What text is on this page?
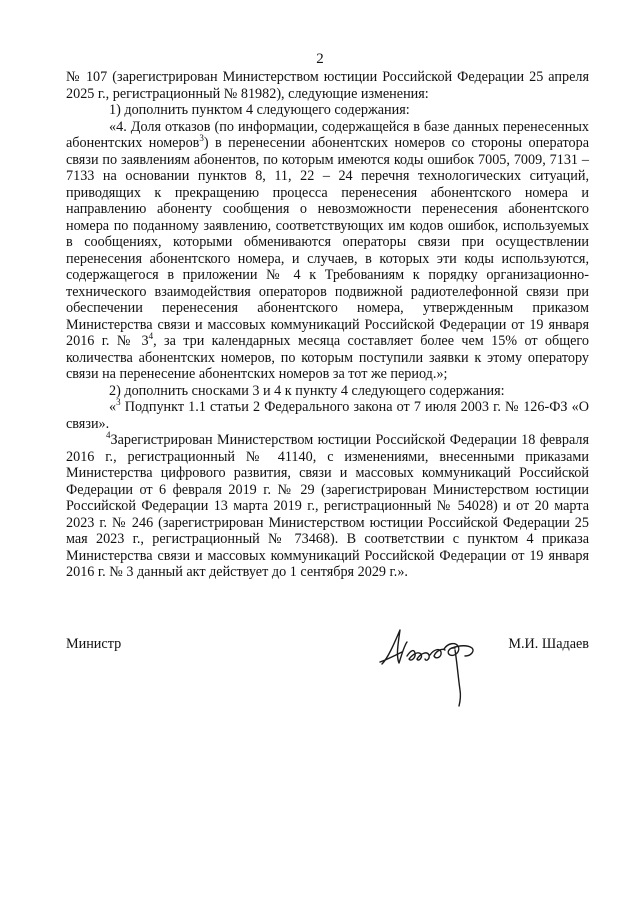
2

№ 107 (зарегистрирован Министерством юстиции Российской Федерации 25 апреля 2025 г., регистрационный № 81982), следующие изменения:

1) дополнить пунктом 4 следующего содержания:

«4. Доля отказов (по информации, содержащейся в базе данных перенесенных абонентских номеров$^3$) в перенесении абонентских номеров со стороны оператора связи по заявлениям абонентов, по которым имеются коды ошибок 7005, 7009, 7131 – 7133 на основании пунктов 8, 11, 22 – 24 перечня технологических ситуаций, приводящих к прекращению процесса перенесения абонентского номера и направлению абоненту сообщения о невозможности перенесения абонентского номера по поданному заявлению, соответствующих им кодов ошибок, используемых в сообщениях, которыми обмениваются операторы связи при осуществлении перенесения абонентского номера, и случаев, в которых эти коды используются, содержащегося в приложении № 4 к Требованиям к порядку организационно-технического взаимодействия операторов подвижной радиотелефонной связи при обеспечении перенесения абонентского номера, утвержденным приказом Министерства связи и массовых коммуникаций Российской Федерации от 19 января 2016 г. № $3^4$, за три календарных месяца составляет более чем 15% от общего количества абонентских номеров, по которым поступили заявки к этому оператору связи на перенесение абонентских номеров за тот же период.»;

2) дополнить сносками 3 и 4 к пункту 4 следующего содержания:

«$^3$ Подпункт 1.1 статьи 2 Федерального закона от 7 июля 2003 г. № 126-ФЗ «О связи».

$^4$Зарегистрирован Министерством юстиции Российской Федерации 18 февраля 2016 г., регистрационный № 41140, с изменениями, внесенными приказами Министерства цифрового развития, связи и массовых коммуникаций Российской Федерации от 6 февраля 2019 г. № 29 (зарегистрирован Министерством юстиции Российской Федерации 13 марта 2019 г., регистрационный № 54028) и от 20 марта 2023 г. № 246 (зарегистрирован Министерством юстиции Российской Федерации 25 мая 2023 г., регистрационный № 73468). В соответствии с пунктом 4 приказа Министерства связи и массовых коммуникаций Российской Федерации от 19 января 2016 г. № 3 данный акт действует до 1 сентября 2029 г.».

Министр	М.И. Шадаев
